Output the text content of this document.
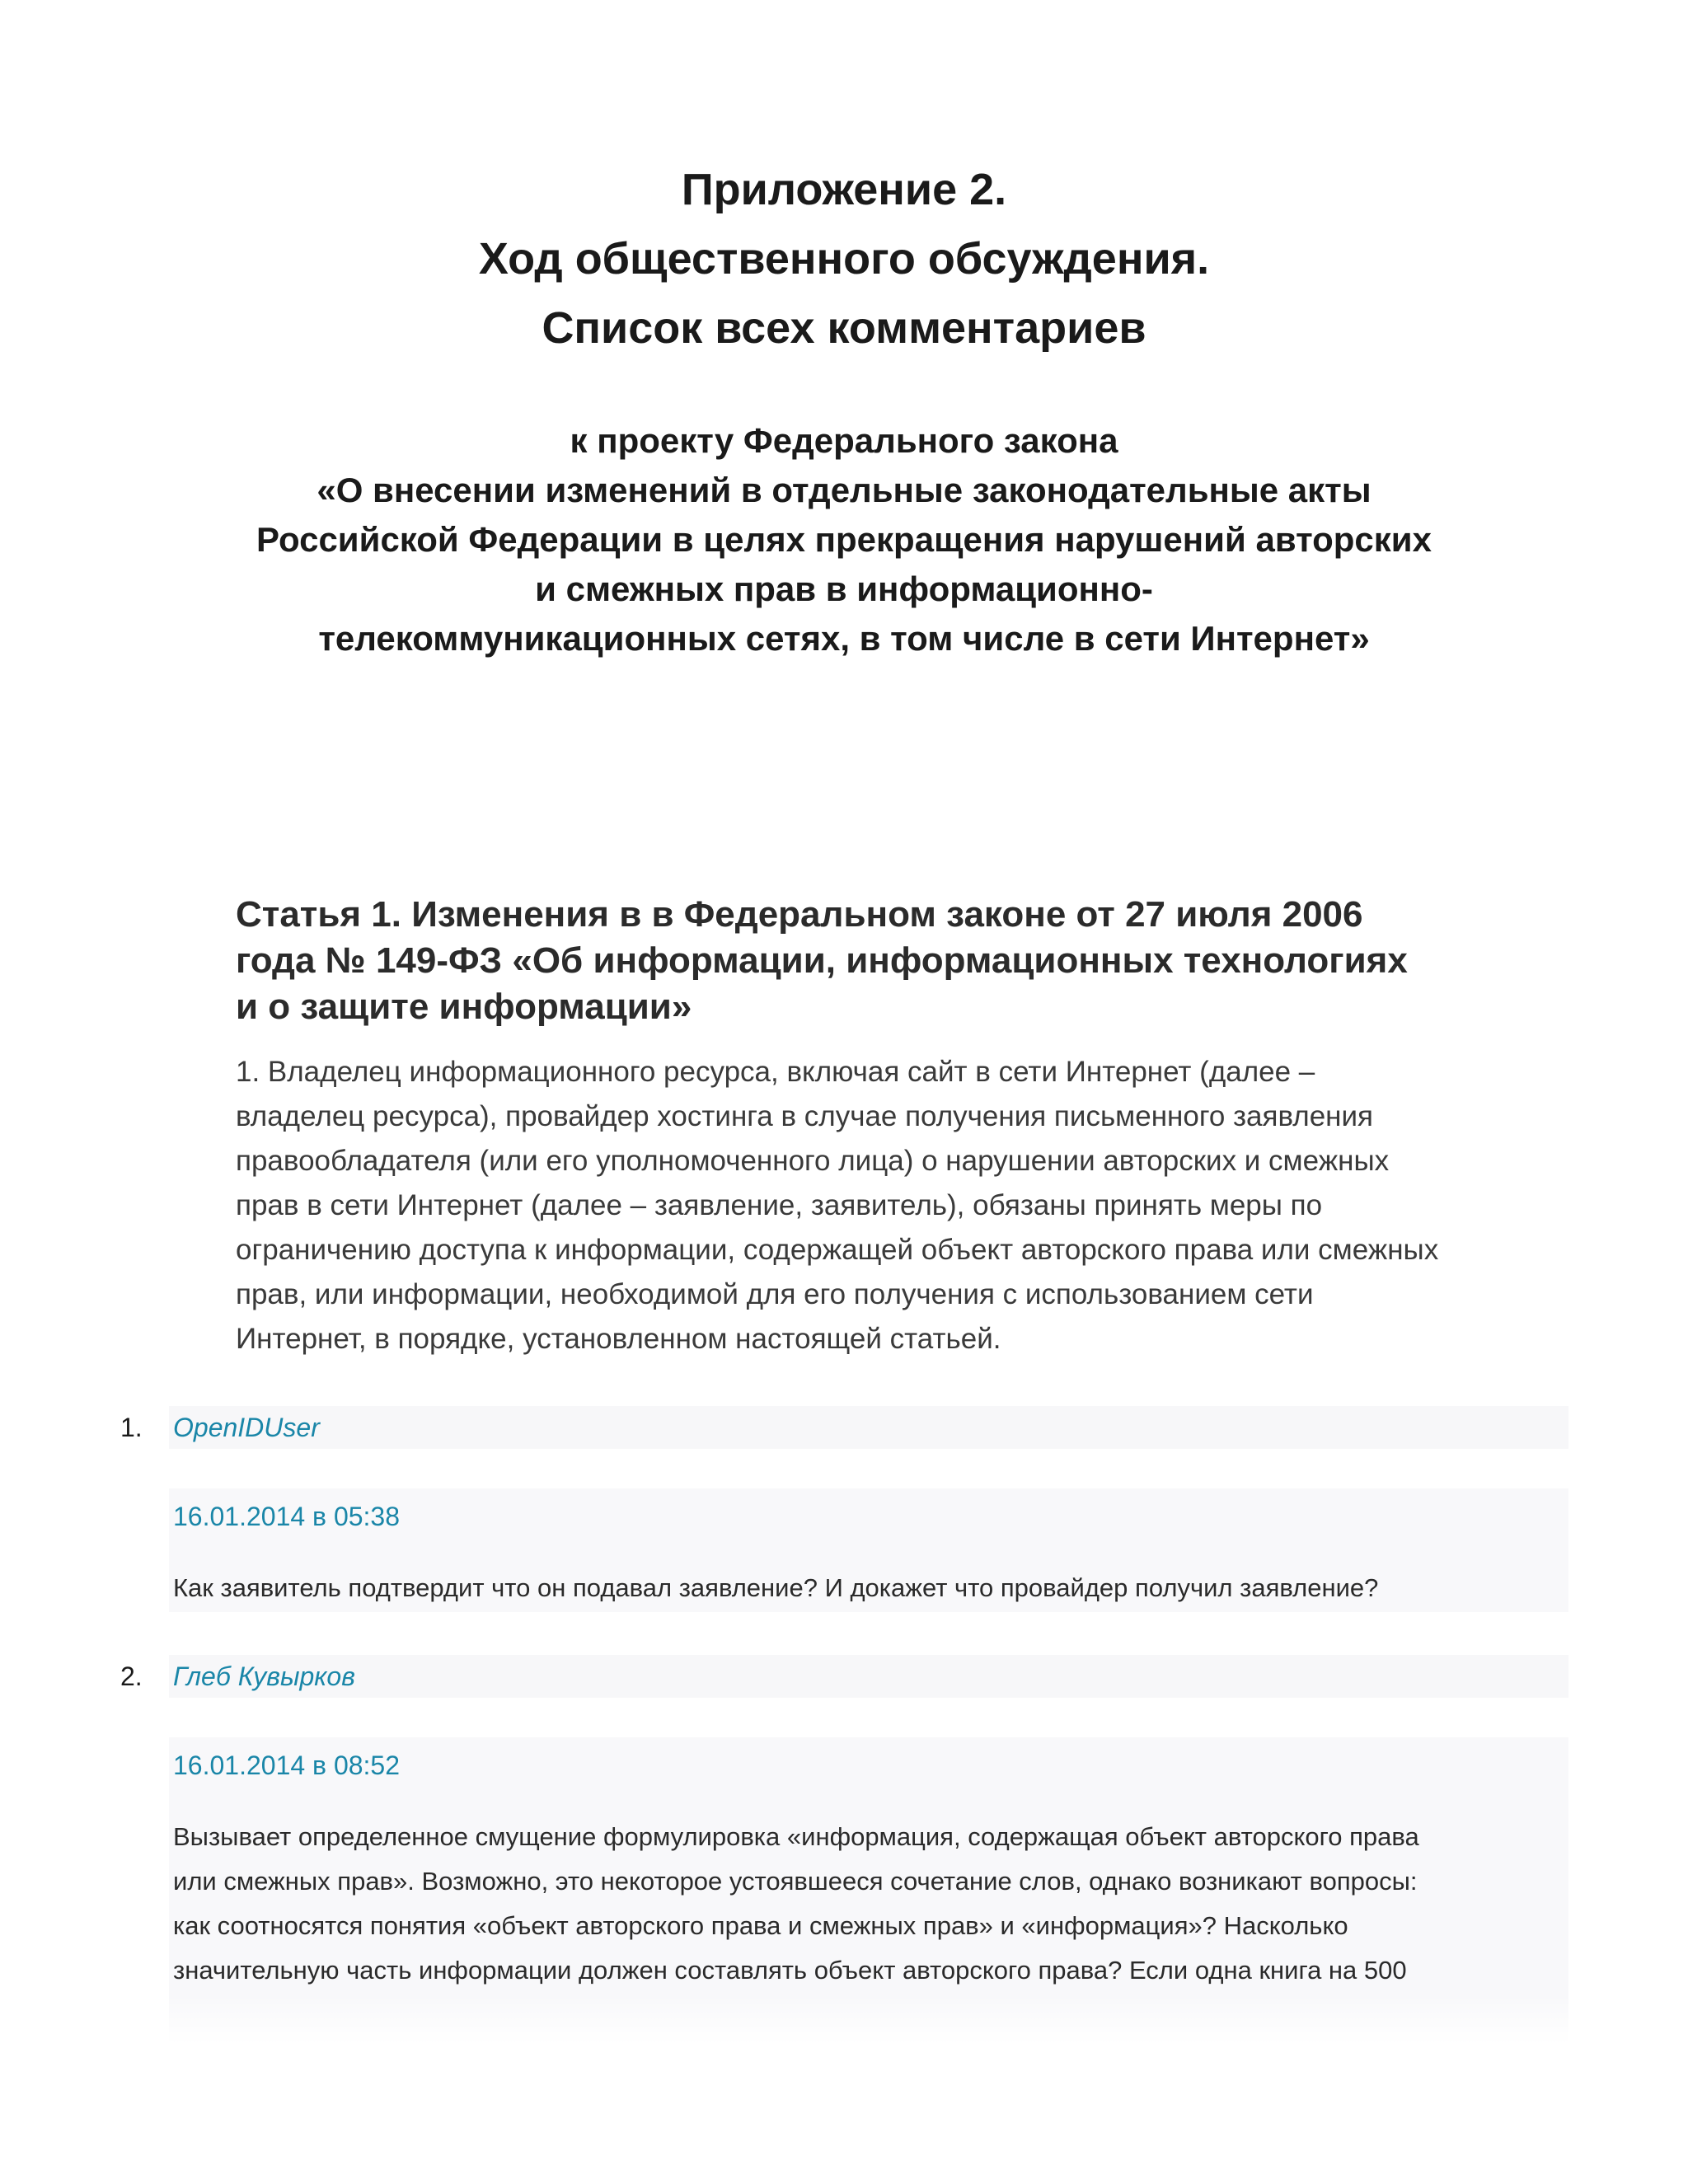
Приложение 2.
Ход общественного обсуждения.
Список всех комментариев
к проекту Федерального закона
«О внесении изменений в отдельные законодательные акты
Российской Федерации в целях прекращения нарушений авторских
и смежных прав в информационно-
телекоммуникационных сетях, в том числе в сети Интернет»
Статья 1. Изменения в в Федеральном законе от 27 июля 2006
года № 149-ФЗ «Об информации, информационных технологиях
и о защите информации»
1. Владелец информационного ресурса, включая сайт в сети Интернет (далее –
владелец ресурса), провайдер хостинга в случае получения письменного заявления
правообладателя (или его уполномоченного лица) о нарушении авторских и смежных
прав в сети Интернет (далее – заявление, заявитель), обязаны принять меры по
ограничению доступа к информации, содержащей объект авторского права или смежных
прав, или информации, необходимой для его получения с использованием сети
Интернет, в порядке, установленном настоящей статьей.
1. OpenIDUser
16.01.2014 в 05:38
Как заявитель подтвердит что он подавал заявление? И докажет что провайдер получил заявление?
2. Глеб Кувырков
16.01.2014 в 08:52
Вызывает определенное смущение формулировка «информация, содержащая объект авторского права
или смежных прав». Возможно, это некоторое устоявшееся сочетание слов, однако возникают вопросы:
как соотносятся понятия «объект авторского права и смежных прав» и «информация»? Насколько
значительную часть информации должен составлять объект авторского права? Если одна книга на 500
